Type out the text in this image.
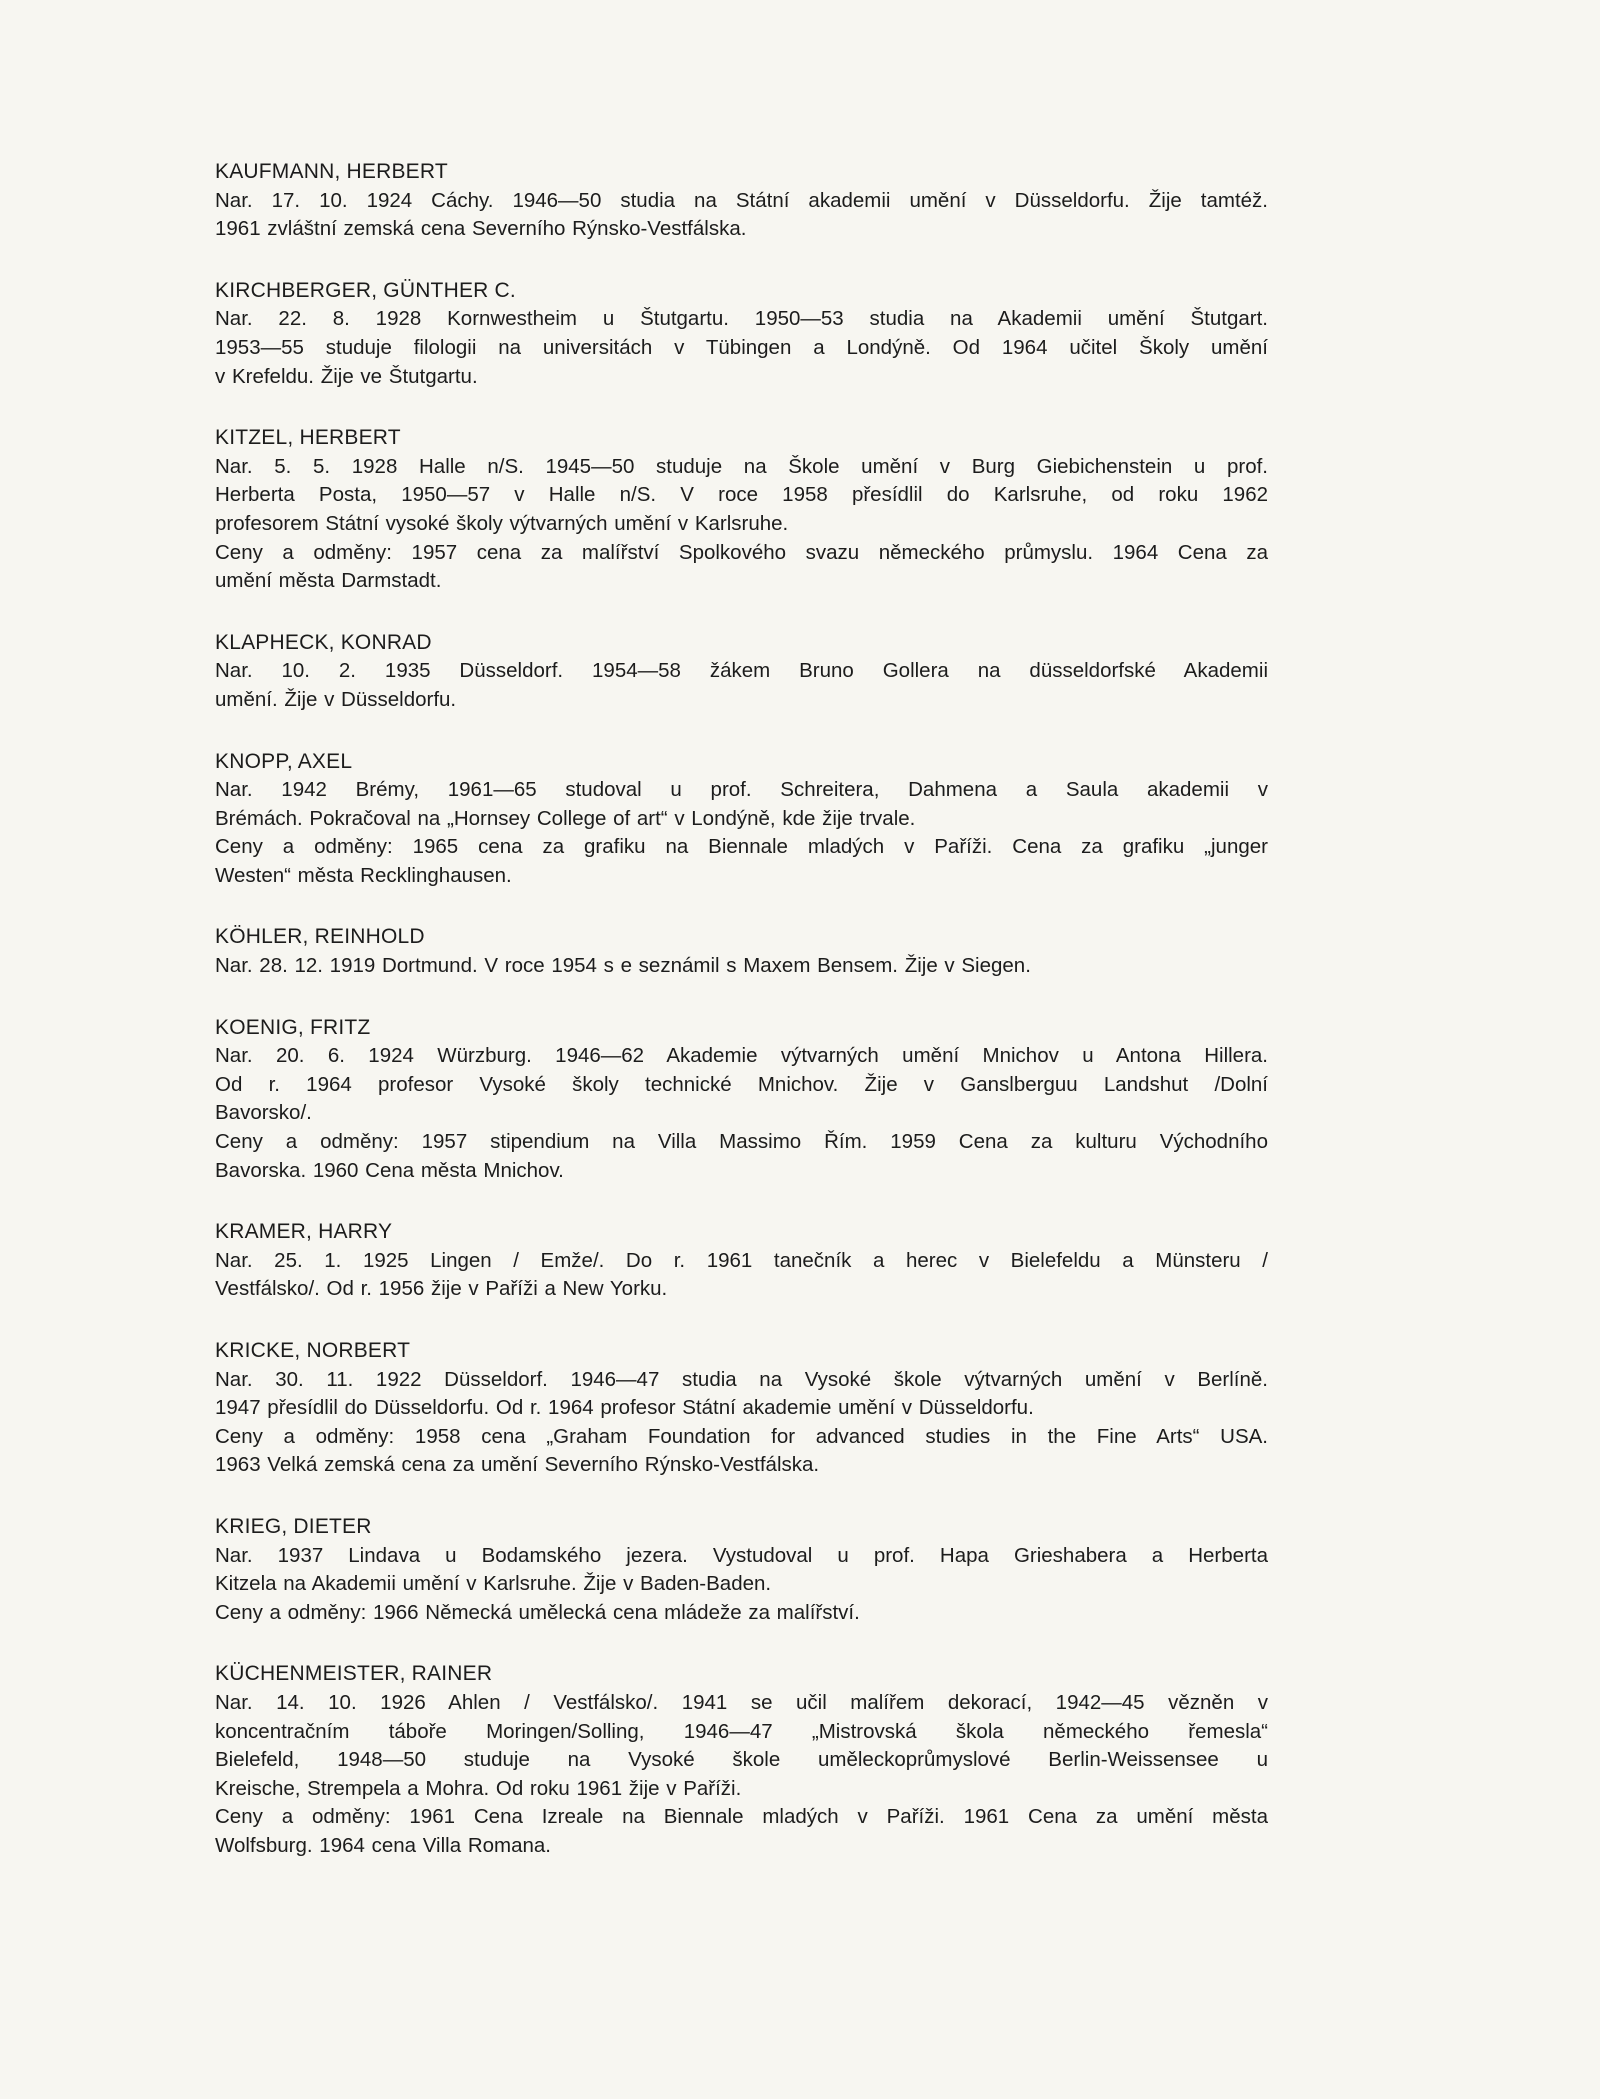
KAUFMANN, HERBERT
Nar. 17. 10. 1924 Cáchy. 1946—50 studia na Státní akademii umění v Düsseldorfu. Žije tamtéž.
1961 zvláštní zemská cena Severního Rýnsko-Vestfálska.
KIRCHBERGER, GÜNTHER C.
Nar. 22. 8. 1928 Kornwestheim u Štutgartu. 1950—53 studia na Akademii umění Štutgart.
1953—55 studuje filologii na universitách v Tübingen a Londýně. Od 1964 učitel Školy umění
v Krefeldu. Žije ve Štutgartu.
KITZEL, HERBERT
Nar. 5. 5. 1928 Halle n/S. 1945—50 studuje na Škole umění v Burg Giebichenstein u prof.
Herberta Posta, 1950—57 v Halle n/S. V roce 1958 přesídlil do Karlsruhe, od roku 1962
profesorem Státní vysoké školy výtvarných umění v Karlsruhe.
Ceny a odměny: 1957 cena za malířství Spolkového svazu německého průmyslu. 1964 Cena za
umění města Darmstadt.
KLAPHECK, KONRAD
Nar. 10. 2. 1935 Düsseldorf. 1954—58 žákem Bruno Gollera na düsseldorfské Akademii
umění. Žije v Düsseldorfu.
KNOPP, AXEL
Nar. 1942 Brémy, 1961—65 studoval u prof. Schreitera, Dahmena a Saula akademii v
Brémách. Pokračoval na „Hornsey College of art“ v Londýně, kde žije trvale.
Ceny a odměny: 1965 cena za grafiku na Biennale mladých v Paříži. Cena za grafiku „junger
Westen“ města Recklinghausen.
KÖHLER, REINHOLD
Nar. 28. 12. 1919 Dortmund. V roce 1954 s e seznámil s Maxem Bensem. Žije v Siegen.
KOENIG, FRITZ
Nar. 20. 6. 1924 Würzburg. 1946—62 Akademie výtvarných umění Mnichov u Antona Hillera.
Od r. 1964 profesor Vysoké školy technické Mnichov. Žije v Ganslberguu Landshut /Dolní
Bavorsko/.
Ceny a odměny: 1957 stipendium na Villa Massimo Řím. 1959 Cena za kulturu Východního
Bavorska. 1960 Cena města Mnichov.
KRAMER, HARRY
Nar. 25. 1. 1925 Lingen / Emže/. Do r. 1961 tanečník a herec v Bielefeldu a Münsteru /
Vestfálsko/. Od r. 1956 žije v Paříži a New Yorku.
KRICKE, NORBERT
Nar. 30. 11. 1922 Düsseldorf. 1946—47 studia na Vysoké škole výtvarných umění v Berlíně.
1947 přesídlil do Düsseldorfu. Od r. 1964 profesor Státní akademie umění v Düsseldorfu.
Ceny a odměny: 1958 cena „Graham Foundation for advanced studies in the Fine Arts“ USA.
1963 Velká zemská cena za umění Severního Rýnsko-Vestfálska.
KRIEG, DIETER
Nar. 1937 Lindava u Bodamského jezera. Vystudoval u prof. Hapa Grieshabera a Herberta
Kitzela na Akademii umění v Karlsruhe. Žije v Baden-Baden.
Ceny a odměny: 1966 Německá umělecká cena mládeže za malířství.
KÜCHENMEISTER, RAINER
Nar. 14. 10. 1926 Ahlen / Vestfálsko/. 1941 se učil malířem dekorací, 1942—45 vězněn v
koncentračním táboře Moringen/Solling, 1946—47 „Mistrovská škola německého řemesla“
Bielefeld, 1948—50 studuje na Vysoké škole uměleckoprůmyslové Berlin-Weissensee u
Kreische, Strempela a Mohra. Od roku 1961 žije v Paříži.
Ceny a odměny: 1961 Cena Izreale na Biennale mladých v Paříži. 1961 Cena za umění města
Wolfsburg. 1964 cena Villa Romana.
